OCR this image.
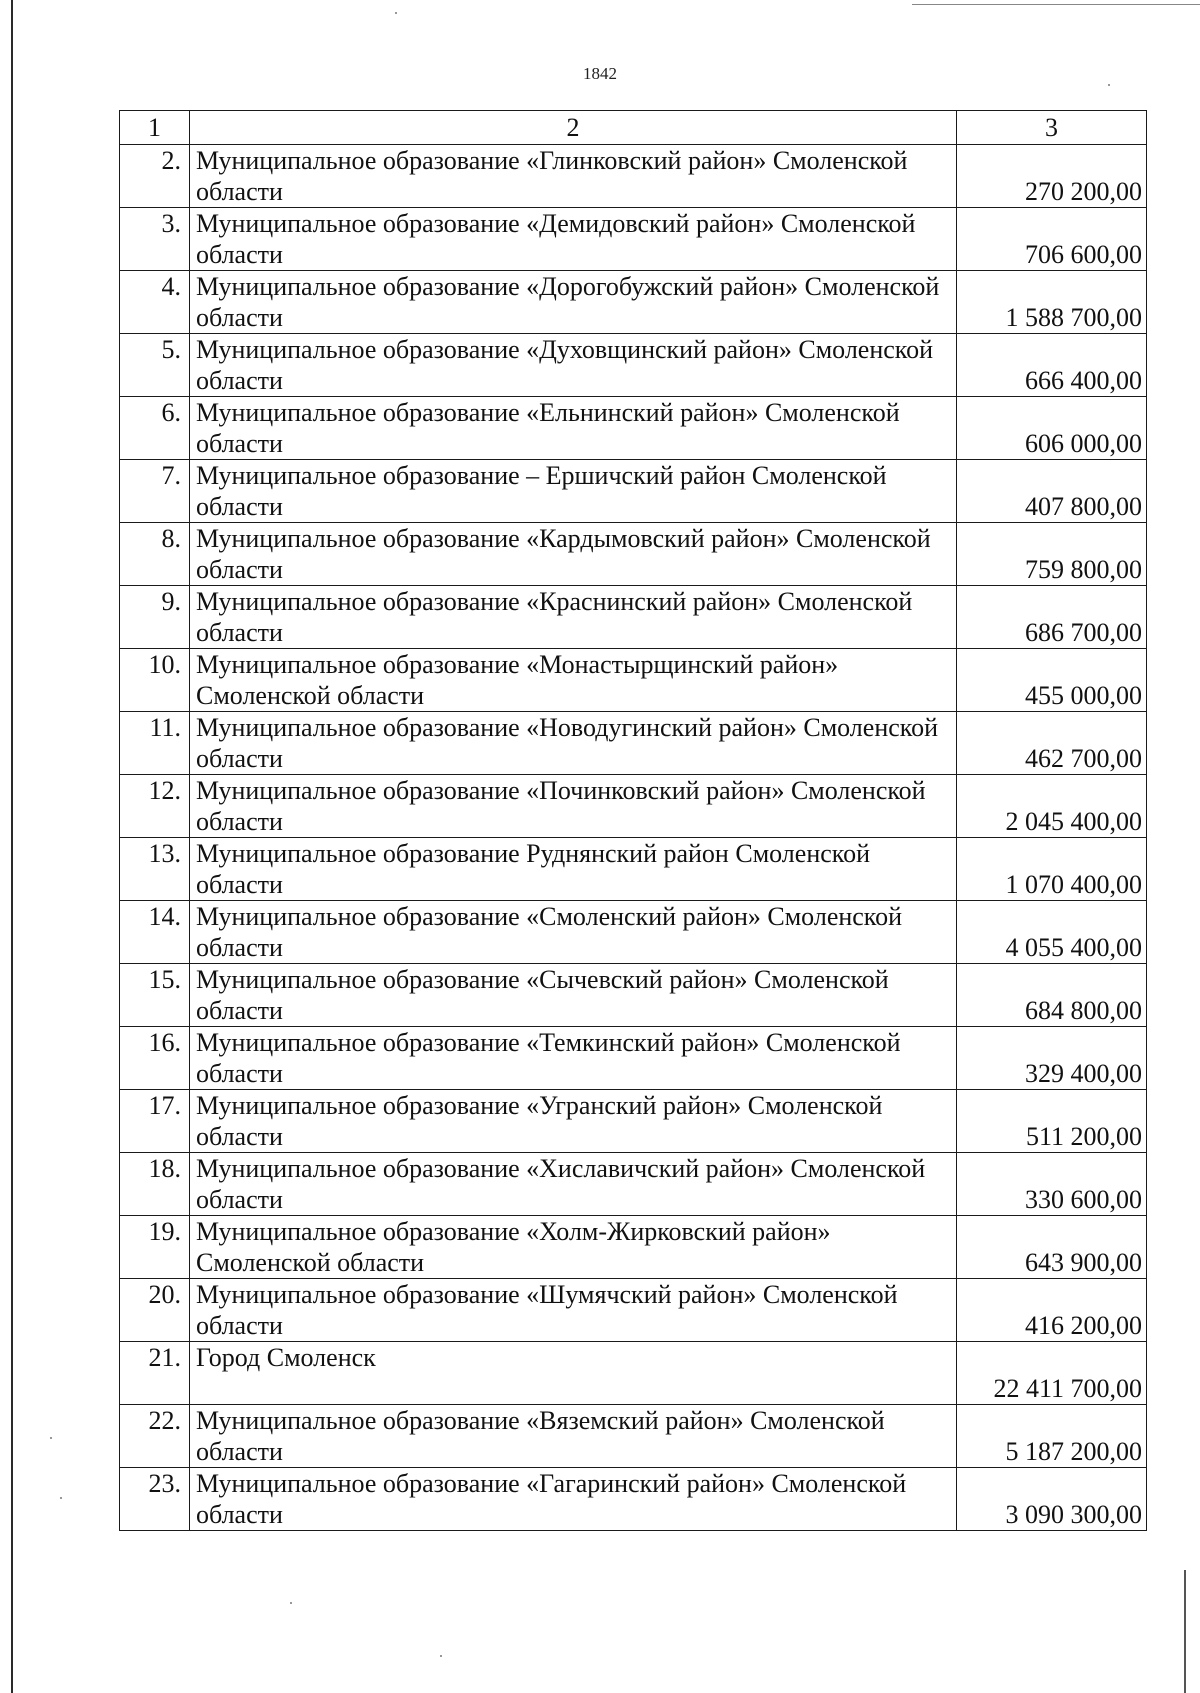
1842
1	2	3
2.	Муниципальное образование «Глинковский район» Смоленской области	270 200,00
3.	Муниципальное образование «Демидовский район» Смоленской области	706 600,00
4.	Муниципальное образование «Дорогобужский район» Смоленской области	1 588 700,00
5.	Муниципальное образование «Духовщинский район» Смоленской области	666 400,00
6.	Муниципальное образование «Ельнинский район» Смоленской области	606 000,00
7.	Муниципальное образование – Ершичский район Смоленской области	407 800,00
8.	Муниципальное образование «Кардымовский район» Смоленской области	759 800,00
9.	Муниципальное образование «Краснинский район» Смоленской области	686 700,00
10.	Муниципальное образование «Монастырщинский район» Смоленской области	455 000,00
11.	Муниципальное образование «Новодугинский район» Смоленской области	462 700,00
12.	Муниципальное образование «Починковский район» Смоленской области	2 045 400,00
13.	Муниципальное образование Руднянский район Смоленской области	1 070 400,00
14.	Муниципальное образование «Смоленский район» Смоленской области	4 055 400,00
15.	Муниципальное образование «Сычевский район» Смоленской области	684 800,00
16.	Муниципальное образование «Темкинский район» Смоленской области	329 400,00
17.	Муниципальное образование «Угранский район» Смоленской области	511 200,00
18.	Муниципальное образование «Хиславичский район» Смоленской области	330 600,00
19.	Муниципальное образование «Холм-Жирковский район» Смоленской области	643 900,00
20.	Муниципальное образование «Шумячский район» Смоленской области	416 200,00
21.	Город Смоленск	22 411 700,00
22.	Муниципальное образование «Вяземский район» Смоленской области	5 187 200,00
23.	Муниципальное образование «Гагаринский район» Смоленской области	3 090 300,00
